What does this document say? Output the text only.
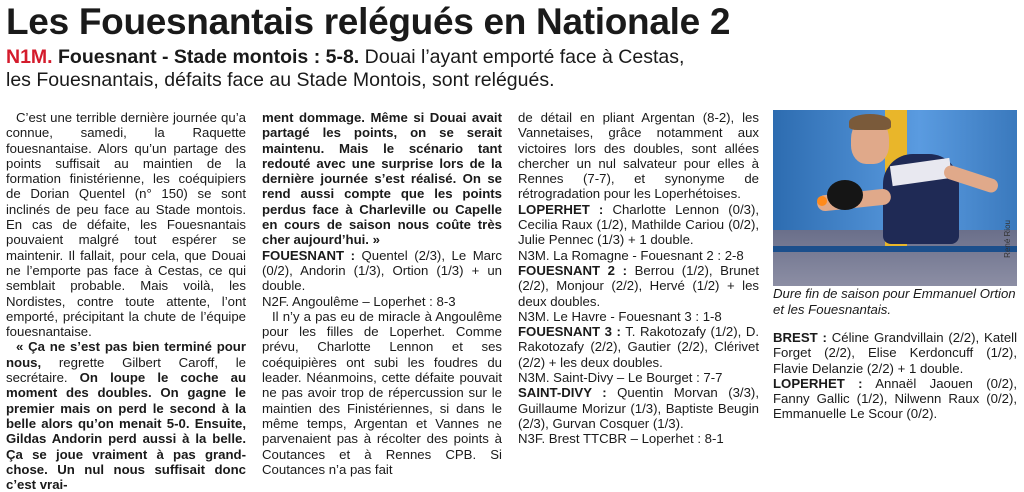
Les Fouesnantais relégués en Nationale 2
N1M. Fouesnant - Stade montois : 5-8. Douai l’ayant emporté face à Cestas,
les Fouesnantais, défaits face au Stade Montois, sont relégués.

C’est une terrible dernière journée qu’a connue, samedi, la Raquette fouesnantaise. Alors qu’un partage des points suffisait au maintien de la formation finistérienne, les coéquipiers de Dorian Quentel (n° 150) se sont inclinés de peu face au Stade montois. En cas de défaite, les Fouesnantais pouvaient malgré tout espérer se maintenir. Il fallait, pour cela, que Douai ne l’emporte pas face à Cestas, ce qui semblait probable. Mais voilà, les Nordistes, contre toute attente, l’ont emporté, précipitant la chute de l’équipe fouesnantaise.

« Ça ne s’est pas bien terminé pour nous, regrette Gilbert Caroff, le secrétaire. On loupe le coche au moment des doubles. On gagne le premier mais on perd le second à la belle alors qu’on menait 5-0. Ensuite, Gildas Andorin perd aussi à la belle. Ça se joue vraiment à pas grand-chose. Un nul nous suffisait donc c’est vrai-

ment dommage. Même si Douai avait partagé les points, on se serait maintenu. Mais le scénario tant redouté avec une surprise lors de la dernière journée s’est réalisé. On se rend aussi compte que les points perdus face à Charleville ou Capelle en cours de saison nous coûte très cher aujourd’hui. »

FOUESNANT : Quentel (2/3), Le Marc (0/2), Andorin (1/3), Ortion (1/3) + un double.

N2F. Angoulême – Loperhet : 8-3

Il n’y a pas eu de miracle à Angoulême pour les filles de Loperhet. Comme prévu, Charlotte Lennon et ses coéquipières ont subi les foudres du leader. Néanmoins, cette défaite pouvait ne pas avoir trop de répercussion sur le maintien des Finistériennes, si dans le même temps, Argentan et Vannes ne parvenaient pas à récolter des points à Coutances et à Rennes CPB. Si Coutances n’a pas fait

de détail en pliant Argentan (8-2), les Vannetaises, grâce notamment aux victoires lors des doubles, sont allées chercher un nul salvateur pour elles à Rennes (7-7), et synonyme de rétrogradation pour les Loperhétoises.

LOPERHET : Charlotte Lennon (0/3), Cecilia Raux (1/2), Mathilde Cariou (0/2), Julie Pennec (1/3) + 1 double.

N3M. La Romagne - Fouesnant 2 : 2-8

FOUESNANT 2 : Berrou (1/2), Brunet (2/2), Monjour (2/2), Hervé (1/2) + les deux doubles.

N3M. Le Havre - Fouesnant 3 : 1-8

FOUESNANT 3 : T. Rakotozafy (1/2), D. Rakotozafy (2/2), Gautier (2/2), Clérivet (2/2) + les deux doubles.

N3M. Saint-Divy – Le Bourget : 7-7

SAINT-DIVY : Quentin Morvan (3/3), Guillaume Morizur (1/3), Baptiste Beugin (2/3), Gurvan Cosquer (1/3).

N3F. Brest TTCBR – Loperhet : 8-1

René Riou

Dure fin de saison pour Emmanuel Ortion et les Fouesnantais.

BREST : Céline Grandvillain (2/2), Katell Forget (2/2), Elise Kerdoncuff (1/2), Flavie Delanzie (2/2) + 1 double.

LOPERHET : Annaël Jaouen (0/2), Fanny Gallic (1/2), Nilwenn Raux (0/2), Emmanuelle Le Scour (0/2).
